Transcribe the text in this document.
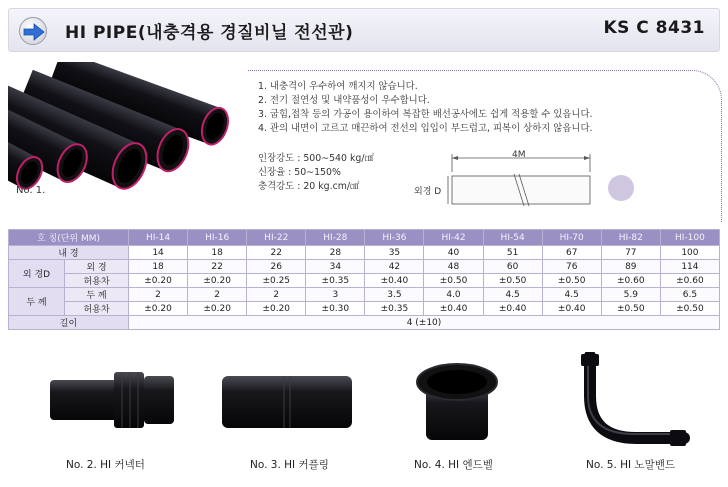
HI PIPE(내충격용 경질비닐 전선관)	KS C 8431
No. 1.
1. 내충격이 우수하여 깨지지 않습니다.
2. 전기 절연성 및 내약품성이 우수합니다.
3. 굽힘,접착 등의 가공이 용이하여 복잡한 배선공사에도 쉽게 적용할 수 있읍니다.
4. 관의 내면이 고르고 매끈하여 전선의 입입이 부드럽고, 피복이 상하지 않읍니다.
인장강도 : 500∼540 kg/㎠
신장율 : 50∼150%
충격강도 : 20 kg.cm/㎠
4M
외경 D
호 칭(단위 MM)		HI-14	HI-16	HI-22	HI-28	HI-36	HI-42	HI-54	HI-70	HI-82	HI-100
내 경		14	18	22	28	35	40	51	67	77	100
외 경D	외 경	18	22	26	34	42	48	60	76	89	114
	허용차	±0.20	±0.20	±0.25	±0.35	±0.40	±0.50	±0.50	±0.50	±0.60	±0.60
두 께	두 께	2	2	2	3	3.5	4.0	4.5	4.5	5.9	6.5
	허용차	±0.20	±0.20	±0.20	±0.30	±0.35	±0.40	±0.40	±0.40	±0.50	±0.50
길이		4 (±10)									
No. 2. HI 커넥터	No. 3. HI 커플링	No. 4. HI 엔드벨	No. 5. HI 노말밴드
